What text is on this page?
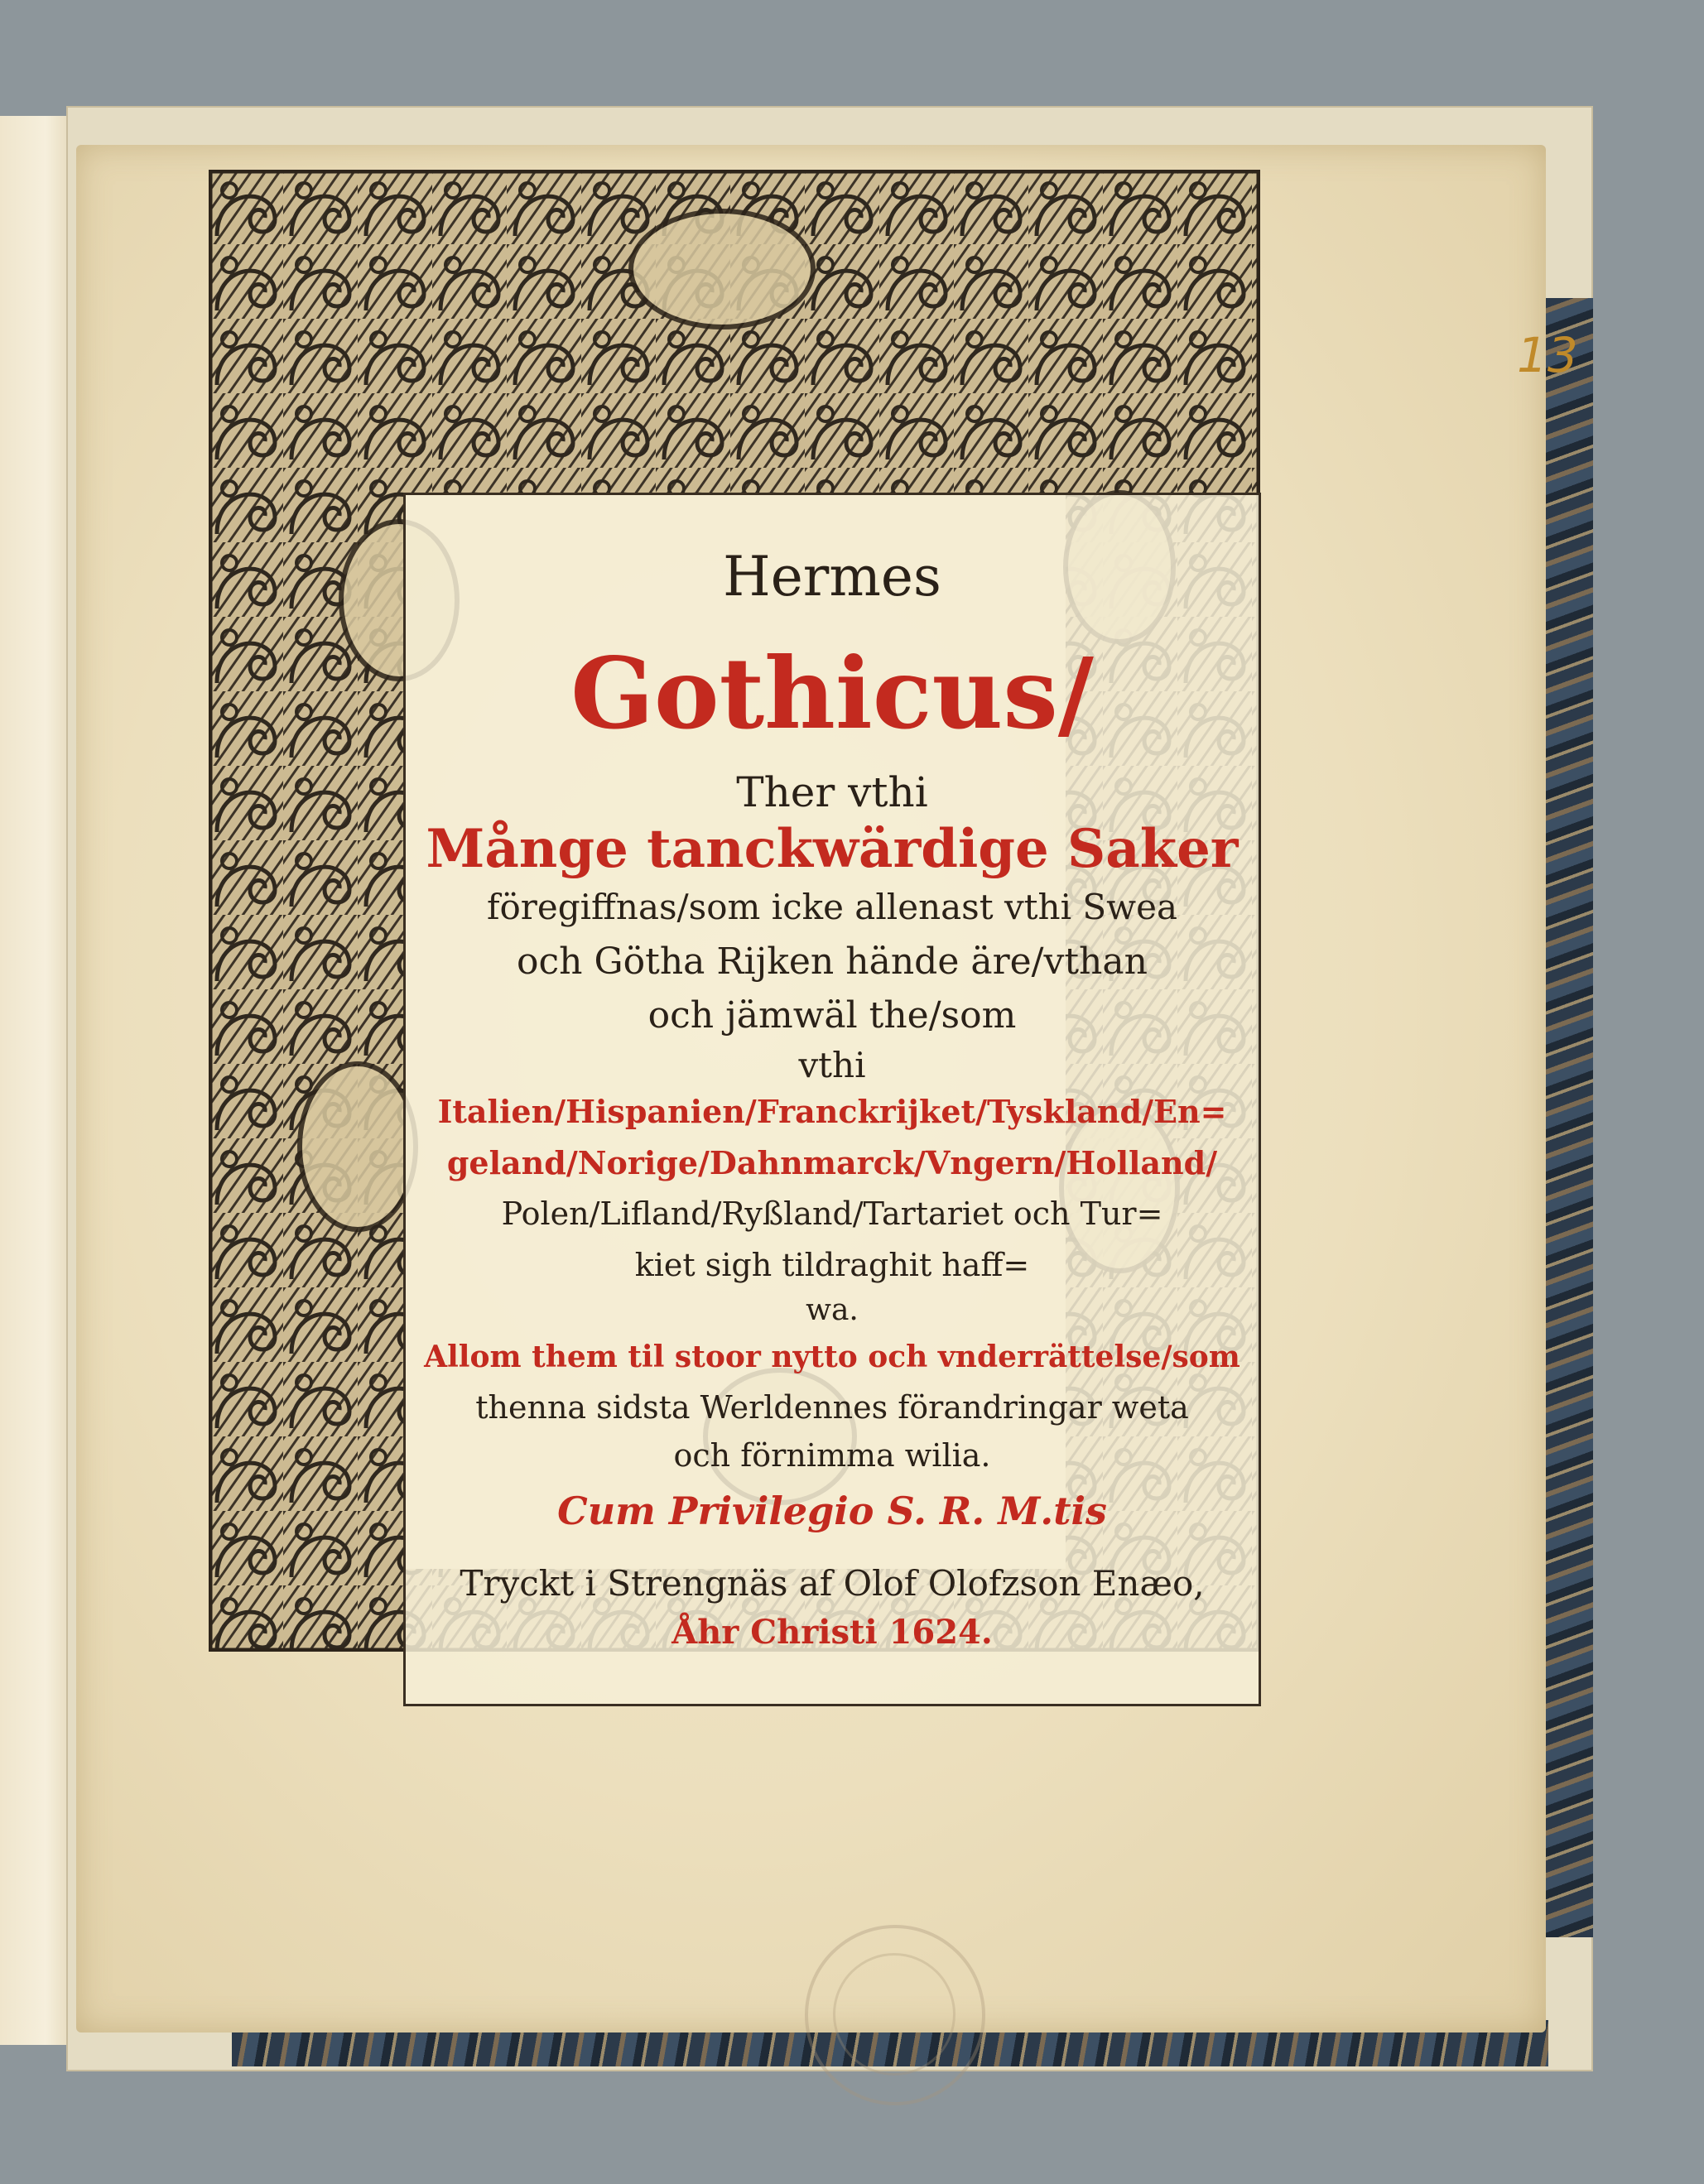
Hermes
Gothicus/
Ther vthi
Månge tanckwärdige Saker
föregiffnas/som icke allenast vthi Swea
och Götha Rijken hände äre/vthan
och jämwäl the/som
vthi
Italien/Hispanien/Franckrijket/Tyskland/En=
geland/Norige/Dahnmarck/Vngern/Holland/
Polen/Lifland/Ryßland/Tartariet och Tur=
kiet sigh tildraghit haff=
wa.
Allom them til stoor nytto och vnderrättelse/som
thenna sidsta Werldennes förandringar weta
och förnimma wilia.
Cum Privilegio S. R. M.tis
Tryckt i Strengnäs af Olof Olofzson Enæo,
Åhr Christi 1624.
13
